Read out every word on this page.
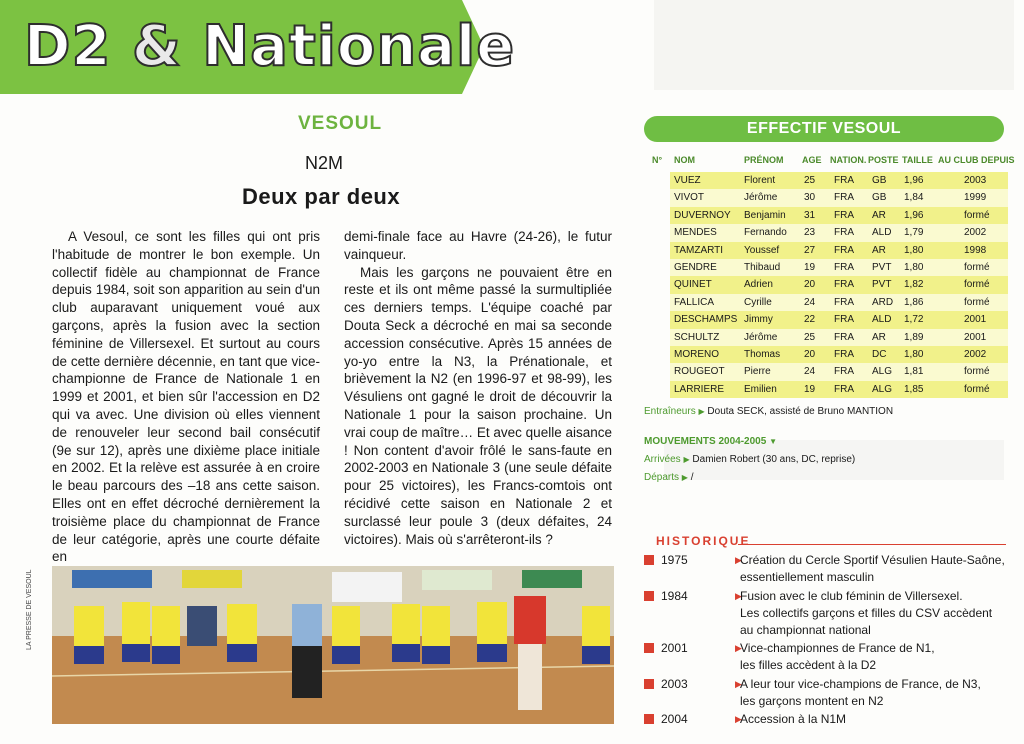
D2 & Nationale
VESOUL
N2M
Deux par deux

A Vesoul, ce sont les filles qui ont pris l'habitude de montrer le bon exemple. Un collectif fidèle au championnat de France depuis 1984, soit son apparition au sein d'un club auparavant uniquement voué aux garçons, après la fusion avec la section féminine de Villersexel. Et surtout au cours de cette dernière décennie, en tant que vice-championne de France de Nationale 1 en 1999 et 2001, et bien sûr l'accession en D2 qui va avec. Une division où elles viennent de renouveler leur second bail consécutif (9e sur 12), après une dixième place initiale en 2002. Et la relève est assurée à en croire le beau parcours des –18 ans cette saison. Elles ont en effet décroché dernièrement la troisième place du championnat de France de leur catégorie, après une courte défaite en

demi-finale face au Havre (24-26), le futur vainqueur.

Mais les garçons ne pouvaient être en reste et ils ont même passé la surmultipliée ces derniers temps. L'équipe coaché par Douta Seck a décroché en mai sa seconde accession consécutive. Après 15 années de yo-yo entre la N3, la Prénationale, et brièvement la N2 (en 1996-97 et 98-99), les Vésuliens ont gagné le droit de découvrir la Nationale 1 pour la saison prochaine. Un vrai coup de maître… Et avec quelle aisance ! Non content d'avoir frôlé le sans-faute en 2002-2003 en Nationale 3 (une seule défaite pour 25 victoires), les Francs-comtois ont récidivé cette saison en Nationale 2 et surclassé leur poule 3 (deux défaites, 24 victoires). Mais où s'arrêteront-ils ?

LA PRESSE DE VESOUL
EFFECTIF VESOUL
N° NOM	PRÉNOM AGE NATION. POSTE TAILLE AU CLUB DEPUIS
VUEZ	Florent	25 FRA GB 1,96	2003
VIVOT	Jérôme	30 FRA GB 1,84	1999
DUVERNOY Benjamin 31 FRA AR 1,96	formé
MENDES	Fernando 23 FRA ALD 1,79	2002
TAMZARTI Youssef 27 FRA AR 1,80	1998
GENDRE	Thibaud 19 FRA PVT 1,80	formé
QUINET	Adrien	20 FRA PVT 1,82	formé
FALLICA	Cyrille	24 FRA ARD 1,86	formé
DESCHAMPS Jimmy	22 FRA ALD 1,72	2001
SCHULTZ Jérôme	25 FRA AR 1,89	2001
MORENO	Thomas 20 FRA DC 1,80	2002
ROUGEOT Pierre	24 FRA ALG 1,81	formé
LARRIERE Emilien	19 FRA ALG 1,85	formé
Entraîneurs ▶ Douta SECK, assisté de Bruno MANTION
MOUVEMENTS 2004-2005 ▼
Arrivées ▶ Damien Robert (30 ans, DC, reprise)
Départs ▶ /
HISTORIQUE
1975	▶
Création du Cercle Sportif Vésulien Haute-Saône,
essentiellement masculin
1984	▶
Fusion avec le club féminin de Villersexel.
Les collectifs garçons et filles du CSV accèdent
au championnat national
2001	▶
Vice-championnes de France de N1,
les filles accèdent à la D2
2003	▶
A leur tour vice-champions de France, de N3,
les garçons montent en N2
2004	▶
Accession à la N1M
